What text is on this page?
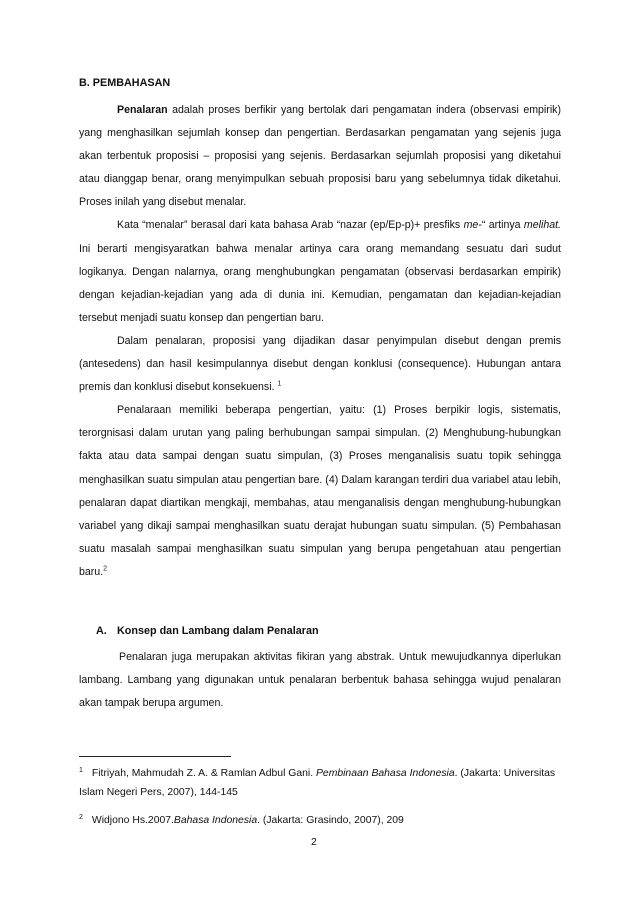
B. PEMBAHASAN

Penalaran adalah proses berfikir yang bertolak dari pengamatan indera (observasi empirik) yang menghasilkan sejumlah konsep dan pengertian. Berdasarkan pengamatan yang sejenis juga akan terbentuk proposisi – proposisi yang sejenis. Berdasarkan sejumlah proposisi yang diketahui atau dianggap benar, orang menyimpulkan sebuah proposisi baru yang sebelumnya tidak diketahui. Proses inilah yang disebut menalar.

Kata “menalar” berasal dari kata bahasa Arab “nazar (ep/Ep-p)+ presfiks me-“ artinya melihat. Ini berarti mengisyaratkan bahwa menalar artinya cara orang memandang sesuatu dari sudut logikanya. Dengan nalarnya, orang menghubungkan pengamatan (observasi berdasarkan empirik) dengan kejadian-kejadian yang ada di dunia ini. Kemudian, pengamatan dan kejadian-kejadian tersebut menjadi suatu konsep dan pengertian baru.

Dalam penalaran, proposisi yang dijadikan dasar penyimpulan disebut dengan premis (antesedens) dan hasil kesimpulannya disebut dengan konklusi (consequence). Hubungan antara premis dan konklusi disebut konsekuensi. $^1$

Penalaraan memiliki beberapa pengertian, yaitu: (1) Proses berpikir logis, sistematis, terorgnisasi dalam urutan yang paling berhubungan sampai simpulan. (2) Menghubung-hubungkan fakta atau data sampai dengan suatu simpulan, (3) Proses menganalisis suatu topik sehingga menghasilkan suatu simpulan atau pengertian bare. (4) Dalam karangan terdiri dua variabel atau lebih, penalaran dapat diartikan mengkaji, membahas, atau menganalisis dengan menghubung-hubungkan variabel yang dikaji sampai menghasilkan suatu derajat hubungan suatu simpulan. (5) Pembahasan suatu masalah sampai menghasilkan suatu simpulan yang berupa pengetahuan atau pengertian baru.$^2$

A. Konsep dan Lambang dalam Penalaran

Penalaran juga merupakan aktivitas fikiran yang abstrak. Untuk mewujudkannya diperlukan lambang. Lambang yang digunakan untuk penalaran berbentuk bahasa sehingga wujud penalaran akan tampak berupa argumen.

$^1$ Fitriyah, Mahmudah Z. A. & Ramlan Adbul Gani. Pembinaan Bahasa Indonesia. (Jakarta: Universitas Islam Negeri Pers, 2007), 144-145
$^2$ Widjono Hs.2007.Bahasa Indonesia. (Jakarta: Grasindo, 2007), 209
2
